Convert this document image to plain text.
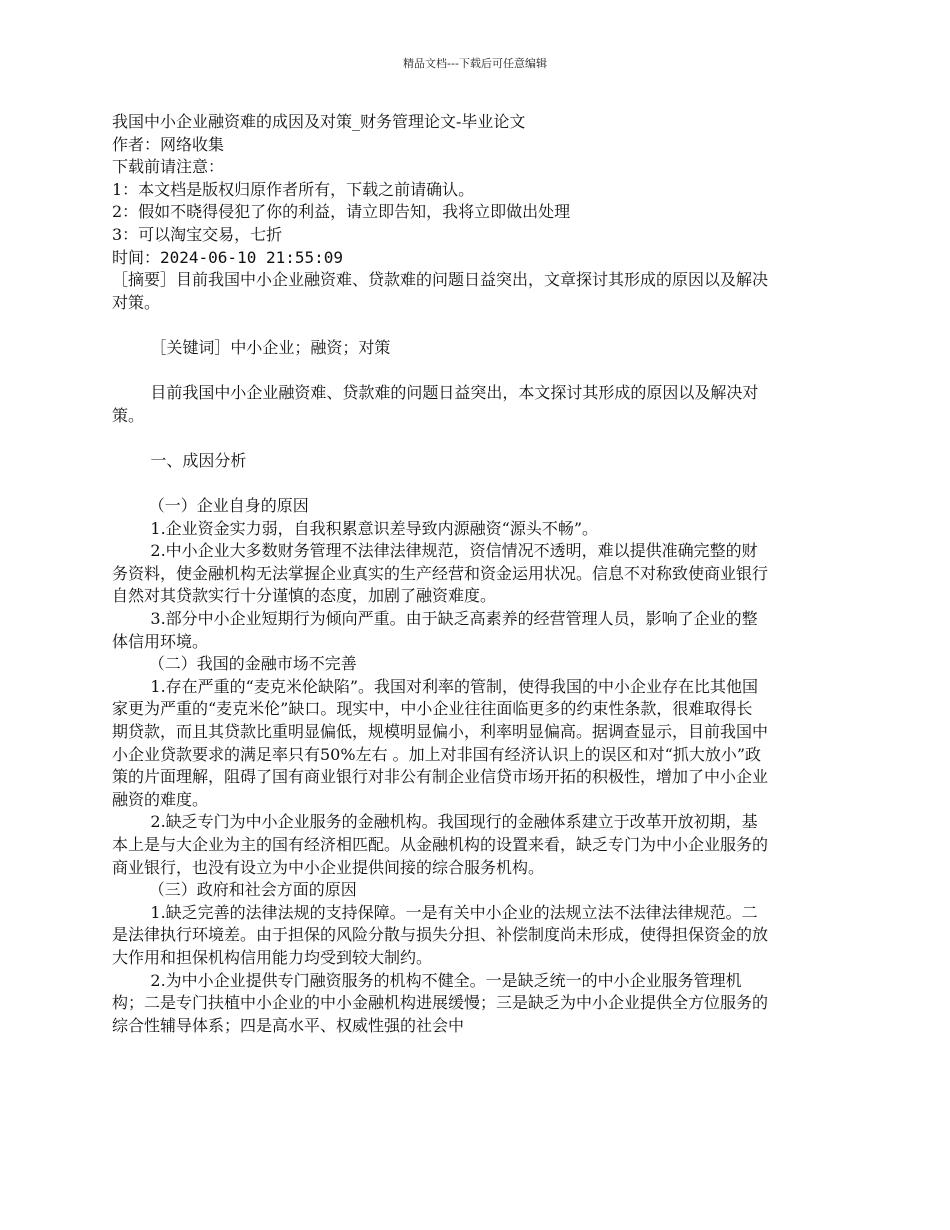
精品文档---下载后可任意编辑

我国中小企业融资难的成因及对策_财务管理论文-毕业论文

作者：网络收集

下载前请注意：

1：本文档是版权归原作者所有，下载之前请确认。

2：假如不晓得侵犯了你的利益，请立即告知，我将立即做出处理

3：可以淘宝交易，七折

时间：2024-06-10 21:55:09

［摘要］目前我国中小企业融资难、贷款难的问题日益突出，文章探讨其形成的原因以及解决对策。

［关键词］中小企业；融资；对策

目前我国中小企业融资难、贷款难的问题日益突出，本文探讨其形成的原因以及解决对策。

一、成因分析

（一）企业自身的原因

1.企业资金实力弱，自我积累意识差导致内源融资“源头不畅”。

2.中小企业大多数财务管理不法律法律规范，资信情况不透明，难以提供准确完整的财务资料，使金融机构无法掌握企业真实的生产经营和资金运用状况。信息不对称致使商业银行自然对其贷款实行十分谨慎的态度，加剧了融资难度。

3.部分中小企业短期行为倾向严重。由于缺乏高素养的经营管理人员，影响了企业的整体信用环境。

（二）我国的金融市场不完善

1.存在严重的“麦克米伦缺陷”。我国对利率的管制，使得我国的中小企业存在比其他国家更为严重的“麦克米伦”缺口。现实中，中小企业往往面临更多的约束性条款，很难取得长期贷款，而且其贷款比重明显偏低，规模明显偏小，利率明显偏高。据调查显示，目前我国中小企业贷款要求的满足率只有50%左右 。加上对非国有经济认识上的误区和对“抓大放小”政策的片面理解，阻碍了国有商业银行对非公有制企业信贷市场开拓的积极性，增加了中小企业融资的难度。

2.缺乏专门为中小企业服务的金融机构。我国现行的金融体系建立于改革开放初期，基本上是与大企业为主的国有经济相匹配。从金融机构的设置来看，缺乏专门为中小企业服务的商业银行，也没有设立为中小企业提供间接的综合服务机构。

（三）政府和社会方面的原因

1.缺乏完善的法律法规的支持保障。一是有关中小企业的法规立法不法律法律规范。二是法律执行环境差。由于担保的风险分散与损失分担、补偿制度尚未形成，使得担保资金的放大作用和担保机构信用能力均受到较大制约。

2.为中小企业提供专门融资服务的机构不健全。一是缺乏统一的中小企业服务管理机构；二是专门扶植中小企业的中小金融机构进展缓慢；三是缺乏为中小企业提供全方位服务的综合性辅导体系；四是高水平、权威性强的社会中
